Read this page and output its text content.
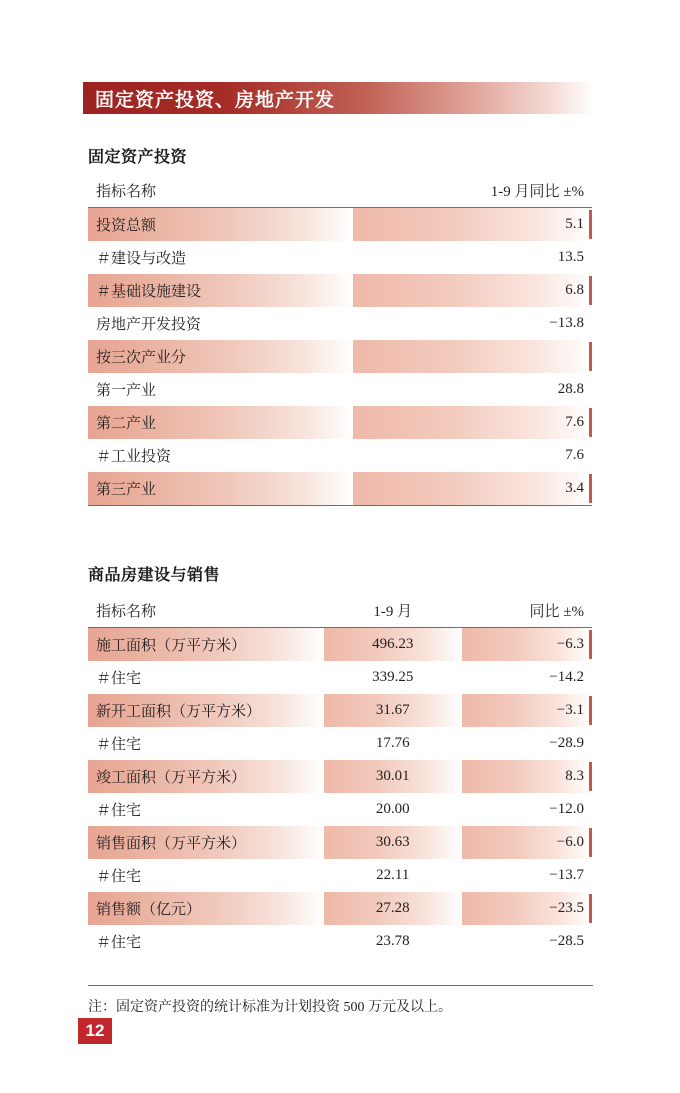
固定资产投资、房地产开发
固定资产投资
指标名称	1-9 月同比 ±%
投资总额	5.1
＃建设与改造	13.5
＃基础设施建设	6.8
房地产开发投资	−13.8
按三次产业分	
第一产业	28.8
第二产业	7.6
＃工业投资	7.6
第三产业	3.4
商品房建设与销售
指标名称	1-9 月	同比 ±%
施工面积（万平方米）	496.23	−6.3
＃住宅	339.25	−14.2
新开工面积（万平方米）	31.67	−3.1
＃住宅	17.76	−28.9
竣工面积（万平方米）	30.01	8.3
＃住宅	20.00	−12.0
销售面积（万平方米）	30.63	−6.0
＃住宅	22.11	−13.7
销售额（亿元）	27.28	−23.5
＃住宅	23.78	−28.5
注：固定资产投资的统计标准为计划投资 500 万元及以上。
12
